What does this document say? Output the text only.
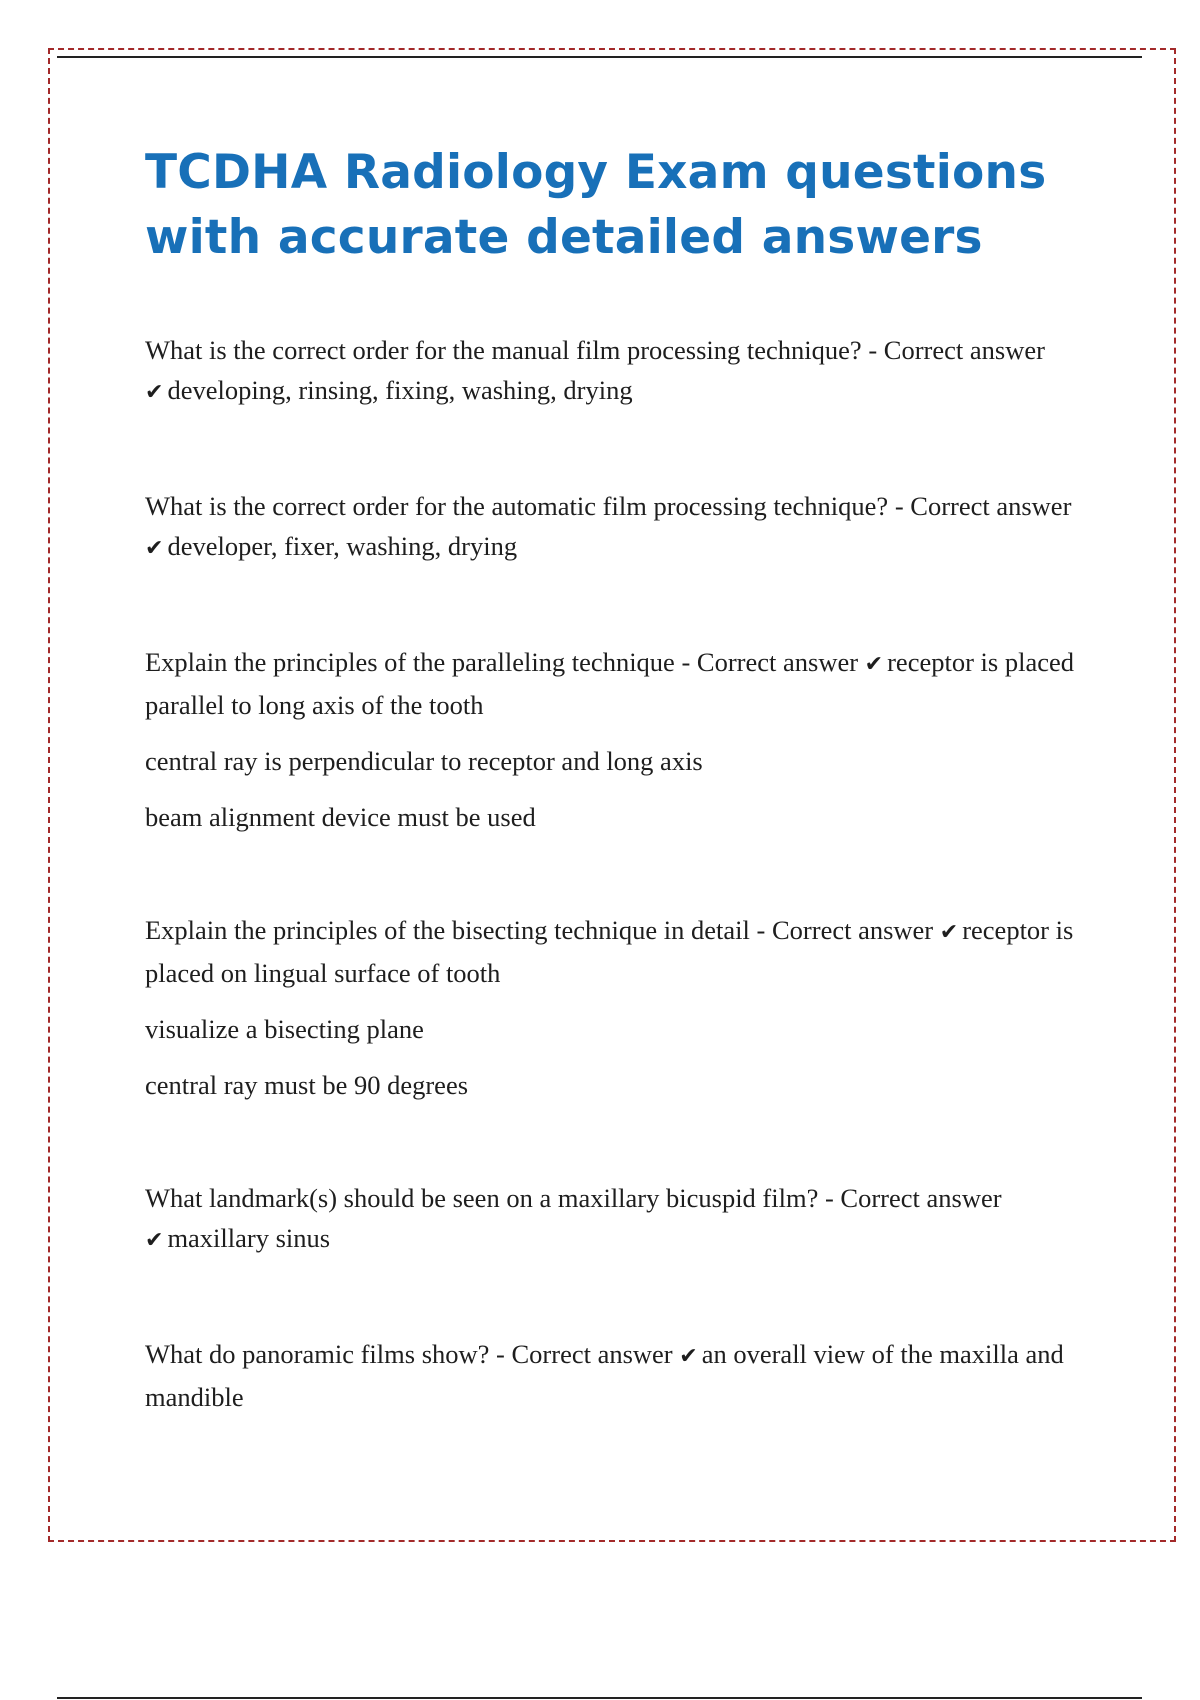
TCDHA Radiology Exam questions with accurate detailed answers

What is the correct order for the manual film processing technique? - Correct answer ✔ developing, rinsing, fixing, washing, drying

What is the correct order for the automatic film processing technique? - Correct answer ✔ developer, fixer, washing, drying

Explain the principles of the paralleling technique - Correct answer ✔ receptor is placed parallel to long axis of the tooth

central ray is perpendicular to receptor and long axis

beam alignment device must be used

Explain the principles of the bisecting technique in detail - Correct answer ✔ receptor is placed on lingual surface of tooth

visualize a bisecting plane

central ray must be 90 degrees

What landmark(s) should be seen on a maxillary bicuspid film? - Correct answer ✔ maxillary sinus

What do panoramic films show? - Correct answer ✔ an overall view of the maxilla and mandible
